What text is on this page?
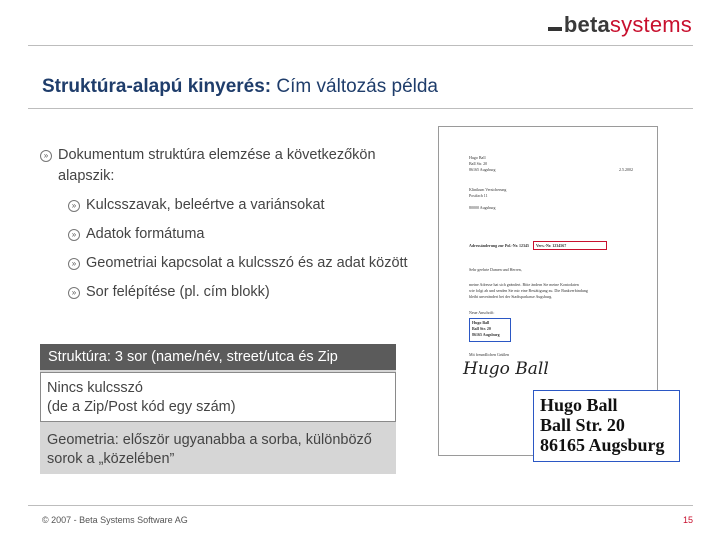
beta systems
Struktúra-alapú kinyerés: Cím változás példa
» Dokumentum struktúra elemzése a következőkön alapszik:
» Kulcsszavak, beleértve a variánsokat
» Adatok formátuma
» Geometriai kapcsolat a kulcsszó és az adat között
» Sor felépítése (pl. cím blokk)
Struktúra: 3 sor (name/név, street/utca és Zip
Nincs kulcsszó
(de a Zip/Post kód egy szám)
Geometria: először ugyanabba a sorba, különböző sorok a „közelében”
Hugo Ball
Ball Str. 20
86165 Augsburg	2.5.2002
Klinikum Versicherung
Postfach 11
80000 Augsburg
Adressänderung zur Pol.-Nr. 12345 Vers.-Nr. 1234567
Sehr geehrte Damen und Herren,
meine Adresse hat sich geändert. Bitte ändern Sie meine Kontodaten
wie folgt ab und senden Sie mir eine Bestätigung zu. Die Bankverbindung
bleibt unverändert bei der Stadtsparkasse Augsburg.
Neue Anschrift:
Hugo Ball
Ball Str. 20
86165 Augsburg
Mit freundlichen Grüßen
Hugo Ball
Hugo Ball
Ball Str. 20
86165 Augsburg
© 2007 - Beta Systems Software AG	15
